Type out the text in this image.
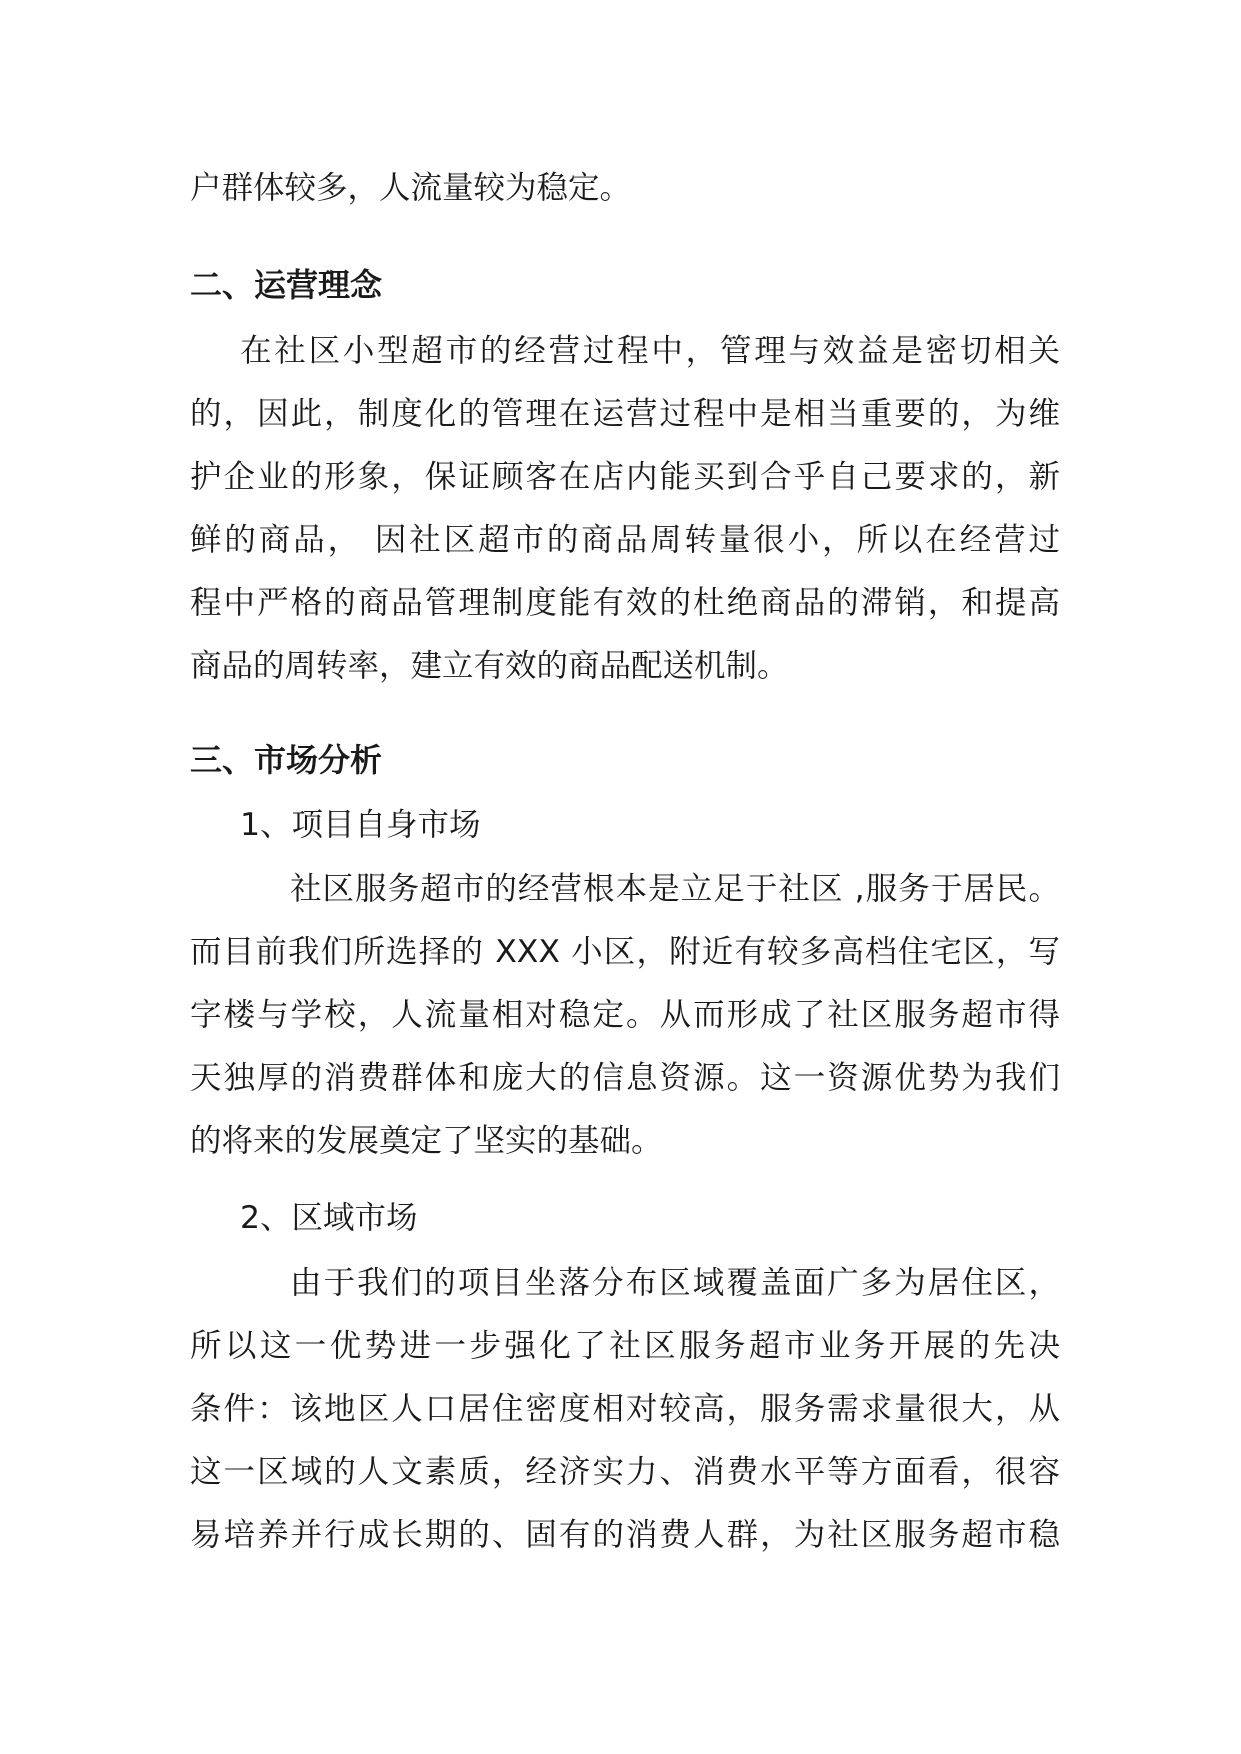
户群体较多，人流量较为稳定。
二、运营理念
在社区小型超市的经营过程中，管理与效益是密切相关
的，因此，制度化的管理在运营过程中是相当重要的，为维
护企业的形象，保证顾客在店内能买到合乎自己要求的，新
鲜的商品， 因社区超市的商品周转量很小，所以在经营过
程中严格的商品管理制度能有效的杜绝商品的滞销，和提高
商品的周转率，建立有效的商品配送机制。
三、市场分析
1、项目自身市场
社区服务超市的经营根本是立足于社区 ,服务于居民。
而目前我们所选择的 XXX 小区，附近有较多高档住宅区，写
字楼与学校，人流量相对稳定。从而形成了社区服务超市得
天独厚的消费群体和庞大的信息资源。这一资源优势为我们
的将来的发展奠定了坚实的基础。
2、区域市场
由于我们的项目坐落分布区域覆盖面广多为居住区，
所以这一优势进一步强化了社区服务超市业务开展的先决
条件：该地区人口居住密度相对较高，服务需求量很大，从
这一区域的人文素质，经济实力、消费水平等方面看，很容
易培养并行成长期的、固有的消费人群，为社区服务超市稳
